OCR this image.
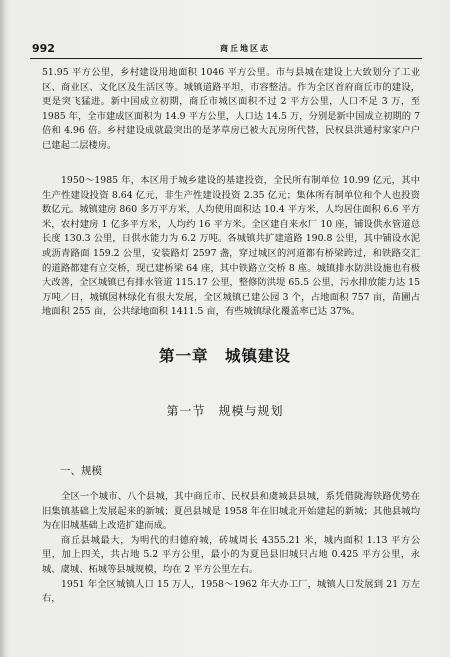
992	商丘地区志

51.95 平方公里，乡村建设用地面积 1046 平方公里。市与县城在建设上大致划分了工业区、商业区、文化区及生活区等。城镇道路平坦，市容整洁。作为全区首府商丘市的建设，更是突飞猛进。新中国成立初期，商丘市城区面积不过 2 平方公里，人口不足 3 万，至 1985 年，全市建成区面积为 14.9 平方公里，人口达 14.5 万，分别是新中国成立初期的 7 倍和 4.96 倍。乡村建设成就最突出的是茅草房已被大瓦房所代替，民权县洪通村家家户户已建起二层楼房。

1950～1985 年，本区用于城乡建设的基建投资，全民所有制单位 10.99 亿元，其中生产性建设投资 8.64 亿元，非生产性建设投资 2.35 亿元；集体所有制单位和个人也投资数亿元。城镇建房 860 多万平方米，人均使用面积达 10.4 平方米，人均居住面积 6.6 平方米，农村建房 1 亿多平方米，人均约 16 平方米。全区建自来水厂 10 座，铺设供水管道总长度 130.3 公里，日供水能力为 6.2 万吨。各城镇共扩建道路 190.8 公里，其中铺设水泥或沥青路面 159.2 公里，安装路灯 2597 盏，穿过城区的河道都有桥梁跨过，和铁路交汇的道路都建有立交桥，现已建桥梁 64 座，其中铁路立交桥 8 座。城镇排水防洪设施也有极大改善，全区城镇已有排水管道 115.17 公里，整修防洪堤 65.5 公里，污水排放能力达 15 万吨／日，城镇园林绿化有很大发展，全区城镇已建公园 3 个，占地面积 757 亩，苗圃占地面积 255 亩，公共绿地面积 1411.5 亩，有些城镇绿化覆盖率已达 37%。

第一章　城镇建设
第一节　规模与规划
一、规模

全区一个城市、八个县城，其中商丘市、民权县和虞城县县城，系凭借陇海铁路优势在旧集镇基础上发展起来的新城；夏邑县城是 1958 年在旧城北开始建起的新城；其他县城均为在旧城基础上改造扩建而成。

商丘县城最大，为明代的归德府城，砖城周长 4355.21 米，城内面积 1.13 平方公里，加上四关，共占地 5.2 平方公里，最小的为夏邑县旧城只占地 0.425 平方公里，永城、虞城、柘城等县城规模，均在 2 平方公里左右。

1951 年全区城镇人口 15 万人，1958～1962 年大办工厂，城镇人口发展到 21 万左右，
